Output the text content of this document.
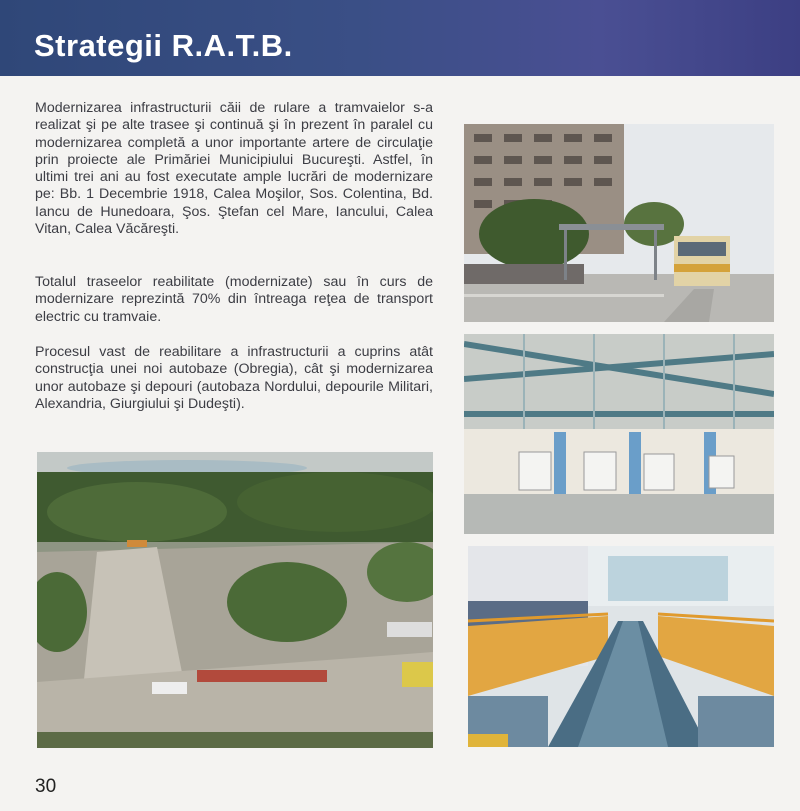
Strategii R.A.T.B.

Modernizarea infrastructurii căii de rulare a tramvaielor s-a realizat şi pe alte trasee şi continuă şi în prezent în paralel cu modernizarea completă a unor importante artere de circulaţie prin proiecte ale Primăriei Municipiului Bucureşti. Astfel, în ultimi trei ani au fost executate ample lucrări de modernizare pe: Bb. 1 Decembrie 1918, Calea Moşilor, Sos. Colentina, Bd. Iancu de Hunedoara, Şos. Ştefan cel Mare, Iancului, Calea Vitan, Calea Văcăreşti.

Totalul traseelor reabilitate (modernizate) sau în curs de modernizare reprezintă 70% din întreaga reţea de transport electric cu tramvaie.

Procesul vast de reabilitare a infrastructurii a cuprins atât construcţia unei noi autobaze (Obregia), cât şi modernizarea unor autobaze şi depouri (autobaza Nordului, depourile Militari, Alexandria, Giurgiului şi Dudeşti).

30
